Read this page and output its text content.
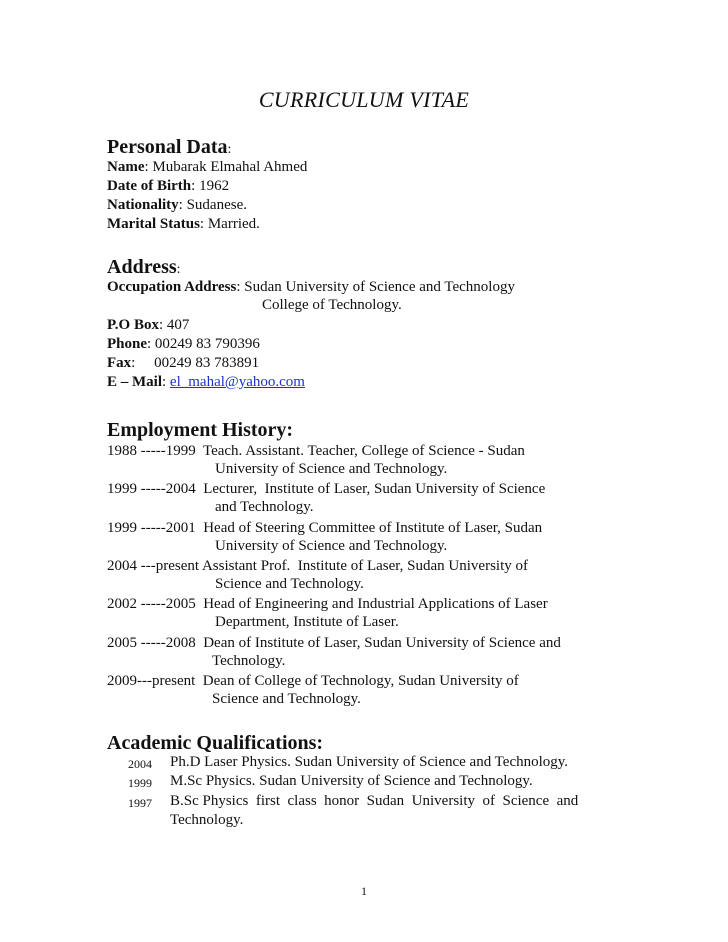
CURRICULUM VITAE
Personal Data:
Name: Mubarak Elmahal Ahmed
Date of Birth: 1962
Nationality: Sudanese.
Marital Status: Married.
Address:
Occupation Address: Sudan University of Science and Technology
College of Technology.
P.O Box: 407
Phone: 00249 83 790396
Fax:     00249 83 783891
E – Mail: el_mahal@yahoo.com
Employment History:
1988 -----1999  Teach. Assistant. Teacher, College of Science - Sudan
University of Science and Technology.
1999 -----2004  Lecturer,  Institute of Laser, Sudan University of Science
and Technology.
1999 -----2001  Head of Steering Committee of Institute of Laser, Sudan
University of Science and Technology.
2004 ---present Assistant Prof.  Institute of Laser, Sudan University of
Science and Technology.
2002 -----2005  Head of Engineering and Industrial Applications of Laser
Department, Institute of Laser.
2005 -----2008  Dean of Institute of Laser, Sudan University of Science and
Technology.
2009---present  Dean of College of Technology, Sudan University of
Science and Technology.
Academic Qualifications:
2004 Ph.D Laser Physics. Sudan University of Science and Technology.
1999 M.Sc Physics. Sudan University of Science and Technology.
1997 B.Sc Physics  first  class  honor  Sudan  University  of  Science  and
Technology.
1
